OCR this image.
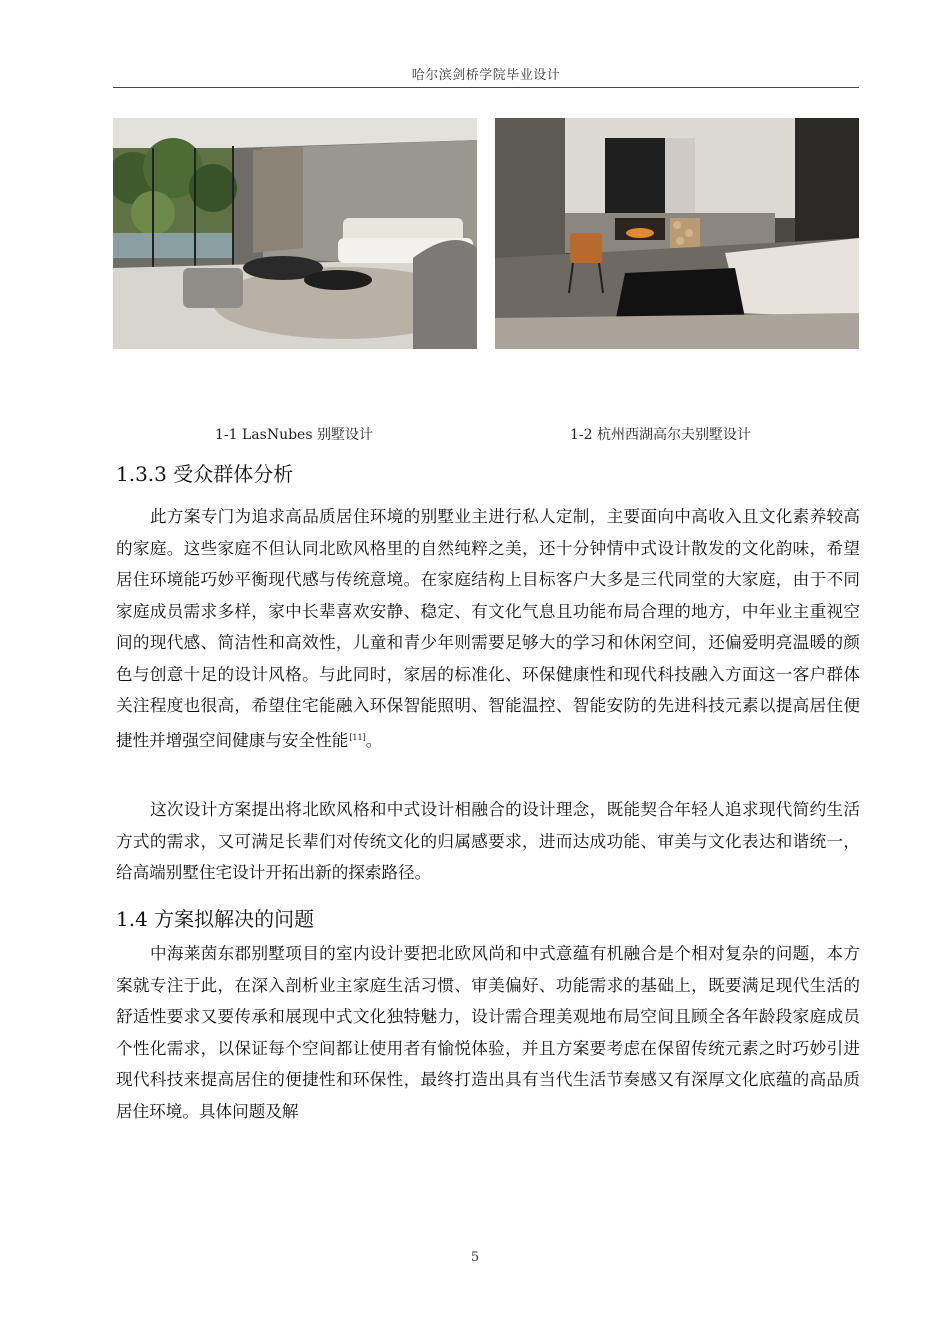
哈尔滨剑桥学院毕业设计
1-1 LasNubes 别墅设计	1-2 杭州西湖高尔夫别墅设计
1.3.3 受众群体分析

此方案专门为追求高品质居住环境的别墅业主进行私人定制，主要面向中高收入且文化素养较高的家庭。这些家庭不但认同北欧风格里的自然纯粹之美，还十分钟情中式设计散发的文化韵味，希望居住环境能巧妙平衡现代感与传统意境。在家庭结构上目标客户大多是三代同堂的大家庭，由于不同家庭成员需求多样，家中长辈喜欢安静、稳定、有文化气息且功能布局合理的地方，中年业主重视空间的现代感、简洁性和高效性，儿童和青少年则需要足够大的学习和休闲空间，还偏爱明亮温暖的颜色与创意十足的设计风格。与此同时，家居的标准化、环保健康性和现代科技融入方面这一客户群体关注程度也很高，希望住宅能融入环保智能照明、智能温控、智能安防的先进科技元素以提高居住便捷性并增强空间健康与安全性能[11]。

这次设计方案提出将北欧风格和中式设计相融合的设计理念，既能契合年轻人追求现代简约生活方式的需求，又可满足长辈们对传统文化的归属感要求，进而达成功能、审美与文化表达和谐统一，给高端别墅住宅设计开拓出新的探索路径。

1.4 方案拟解决的问题

中海莱茵东郡别墅项目的室内设计要把北欧风尚和中式意蕴有机融合是个相对复杂的问题，本方案就专注于此，在深入剖析业主家庭生活习惯、审美偏好、功能需求的基础上，既要满足现代生活的舒适性要求又要传承和展现中式文化独特魅力，设计需合理美观地布局空间且顾全各年龄段家庭成员个性化需求，以保证每个空间都让使用者有愉悦体验，并且方案要考虑在保留传统元素之时巧妙引进现代科技来提高居住的便捷性和环保性，最终打造出具有当代生活节奏感又有深厚文化底蕴的高品质居住环境。具体问题及解

5
